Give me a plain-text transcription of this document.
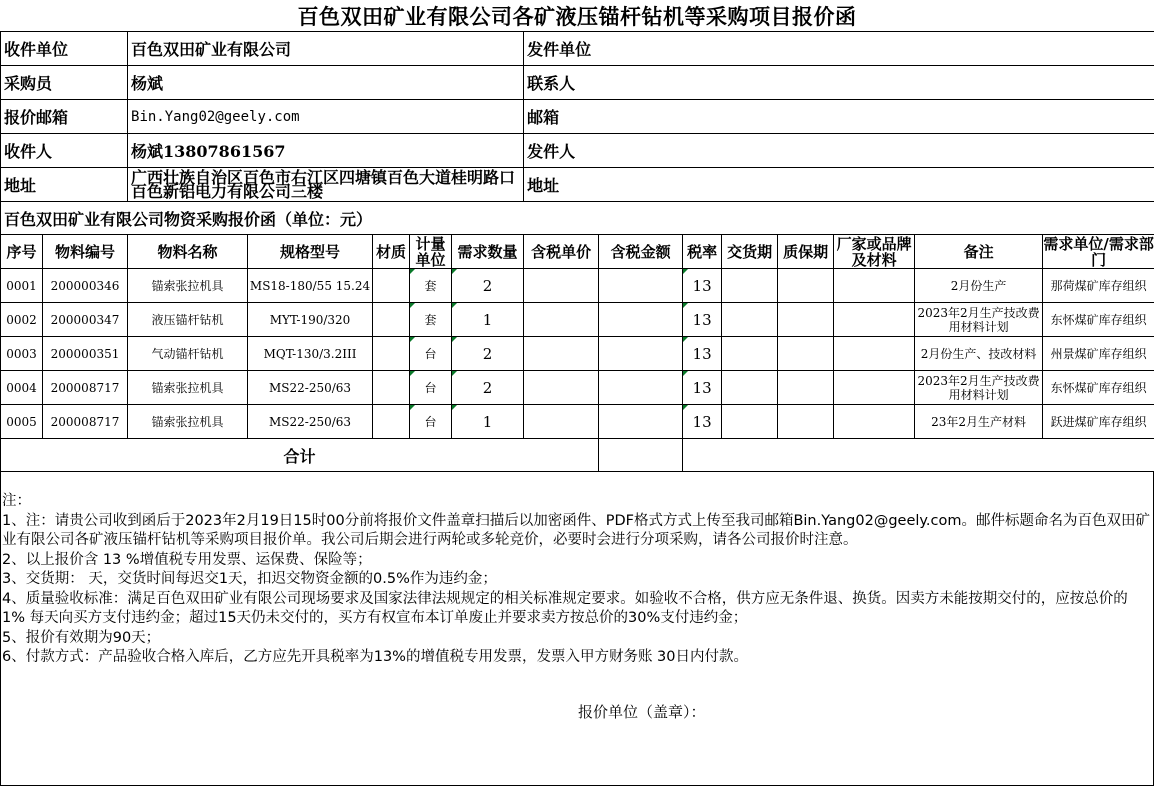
百色双田矿业有限公司各矿液压锚杆钻机等采购项目报价函
收件单位		百色双田矿业有限公司					发件单位							
采购员		杨斌					联系人							
报价邮箱		Bin.Yang02@geely.com					邮箱							
收件人		杨斌13807861567					发件人							
地址		广西壮族自治区百色市右江区四塘镇百色大道桂明路口百色新铝电力有限公司三楼					地址							
百色双田矿业有限公司物资采购报价函（单位：元）														
序号	物料编号	物料名称	规格型号	材质	计量单位	需求数量	含税单价	含税金额	税率	交货期	质保期	厂家或品牌及材料	备注	需求单位/需求部门
0001	200000346	锚索张拉机具	MS18-180/55 15.24		套	2			13				2月份生产	那荷煤矿库存组织
0002	200000347	液压锚杆钻机	MYT-190/320		套	1			13				2023年2月生产技改费用材料计划	东怀煤矿库存组织
0003	200000351	气动锚杆钻机	MQT-130/3.2III		台	2			13				2月份生产、技改材料	州景煤矿库存组织
0004	200008717	锚索张拉机具	MS22-250/63		台	2			13				2023年2月生产技改费用材料计划	东怀煤矿库存组织
0005	200008717	锚索张拉机具	MS22-250/63		台	1			13				23年2月生产材料	跃进煤矿库存组织
合计														

注：

1、注：请贵公司收到函后于2023年2月19日15时00分前将报价文件盖章扫描后以加密函件、PDF格式方式上传至我司邮箱Bin.Yang02@geely.com。邮件标题命名为百色双田矿业有限公司各矿液压锚杆钻机等采购项目报价单。我公司后期会进行两轮或多轮竞价，必要时会进行分项采购，请各公司报价时注意。

2、以上报价含 13 %增值税专用发票、运保费、保险等；

3、交货期： 天，交货时间每迟交1天，扣迟交物资金额的0.5%作为违约金；

4、质量验收标准：满足百色双田矿业有限公司现场要求及国家法律法规规定的相关标准规定要求。如验收不合格，供方应无条件退、换货。因卖方未能按期交付的，应按总价的1% 每天向买方支付违约金；超过15天仍未交付的，买方有权宣布本订单废止并要求卖方按总价的30%支付违约金；

5、报价有效期为90天；

6、付款方式：产品验收合格入库后，乙方应先开具税率为13%的增值税专用发票，发票入甲方财务账 30日内付款。

报价单位（盖章）：
